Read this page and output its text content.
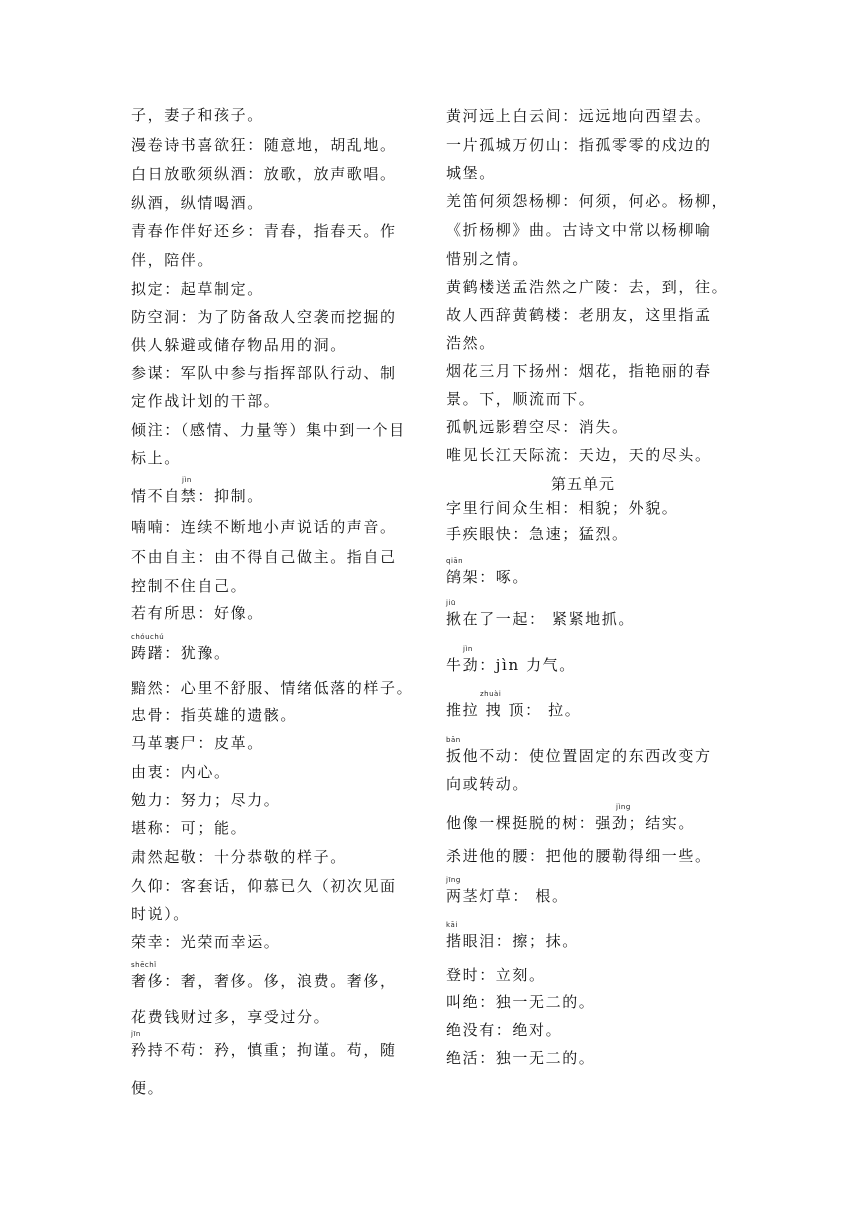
子，妻子和孩子。
漫卷诗书喜欲狂：随意地，胡乱地。
白日放歌须纵酒：放歌，放声歌唱。
纵酒，纵情喝酒。
青春作伴好还乡：青春，指春天。作
伴，陪伴。
拟定：起草制定。
防空洞：为了防备敌人空袭而挖掘的
供人躲避或储存物品用的洞。
参谋：军队中参与指挥部队行动、制
定作战计划的干部。
倾注：（感情、力量等）集中到一个目
标上。
jìn
情不自禁：抑制。
喃喃：连续不断地小声说话的声音。
不由自主：由不得自己做主。指自己
控制不住自己。
若有所思：好像。
chóuchú
踌躇：犹豫。
黯然：心里不舒服、情绪低落的样子。
忠骨：指英雄的遗骸。
马革裹尸：皮革。
由衷：内心。
勉力：努力；尽力。
堪称：可；能。
肃然起敬：十分恭敬的样子。
久仰：客套话，仰慕已久（初次见面
时说）。
荣幸：光荣而幸运。
shēchǐ
奢侈：奢，奢侈。侈，浪费。奢侈，
花费钱财过多，享受过分。
jīn
矜持不苟：矜，慎重；拘谨。苟，随
便。
黄河远上白云间：远远地向西望去。
一片孤城万仞山：指孤零零的戍边的
城堡。
羌笛何须怨杨柳：何须，何必。杨柳，
《折杨柳》曲。古诗文中常以杨柳喻
惜别之情。
黄鹤楼送孟浩然之广陵：去，到，往。
故人西辞黄鹤楼：老朋友，这里指孟
浩然。
烟花三月下扬州：烟花，指艳丽的春
景。下，顺流而下。
孤帆远影碧空尽：消失。
唯见长江天际流：天边，天的尽头。
第五单元
字里行间众生相：相貌；外貌。
手疾眼快：急速；猛烈。
qiān
鹐架：啄。
jiū
揪在了一起： 紧紧地抓。
jìn
牛劲：jìn 力气。
zhuài
推拉 拽 顶： 拉。
bān
扳他不动：使位置固定的东西改变方
向或转动。
jìng
他像一棵挺脱的树：强劲；结实。
杀进他的腰：把他的腰勒得细一些。
jīng
两茎灯草： 根。
kāi
揩眼泪：擦；抹。
登时：立刻。
叫绝：独一无二的。
绝没有：绝对。
绝活：独一无二的。
